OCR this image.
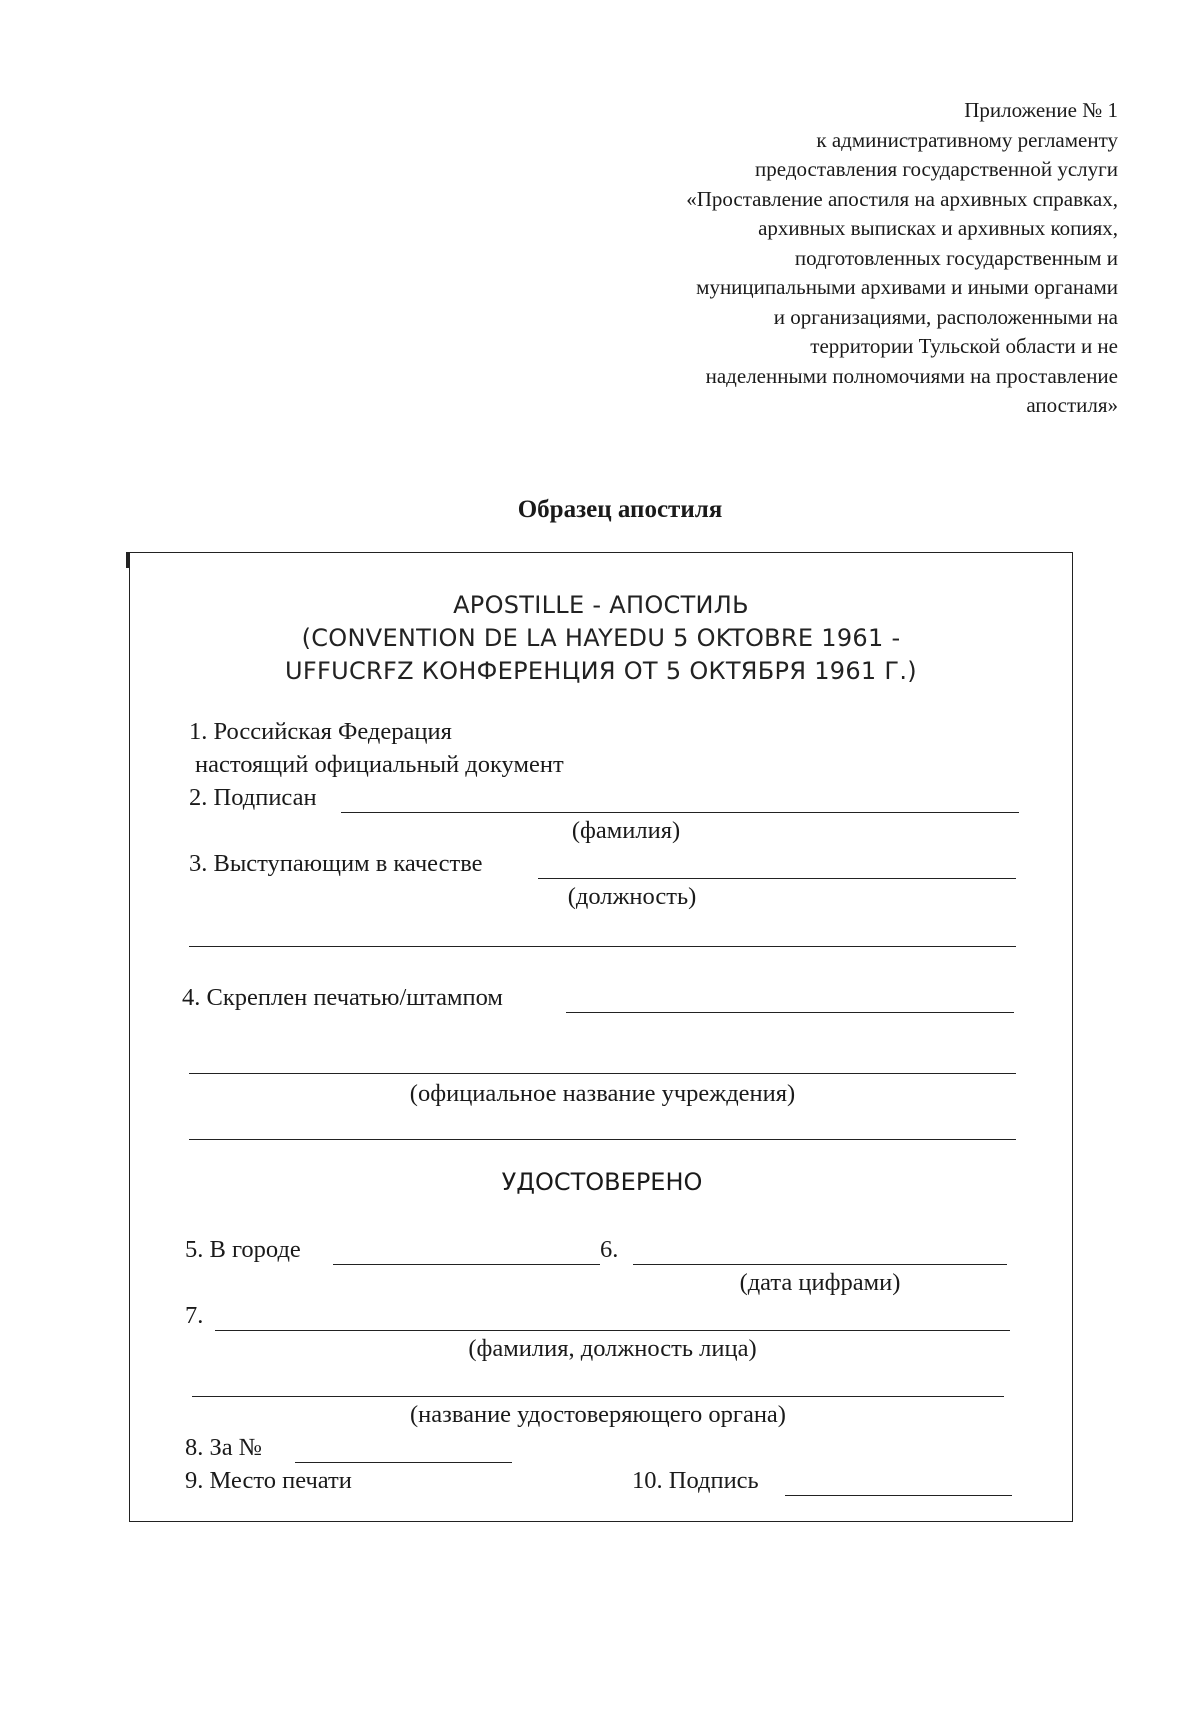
Приложение № 1
к административному регламенту
предоставления государственной услуги
«Проставление апостиля на архивных справках,
архивных выписках и архивных копиях,
подготовленных государственным и
муниципальными архивами и иными органами
и организациями, расположенными на
территории Тульской области и не
наделенными полномочиями на проставление
апостиля»
Образец апостиля
APOSTILLE - АПОСТИЛЬ
(CONVENTION DE LA HAYEDU 5 OKTOBRE 1961 -
UFFUCRFZ КОНФЕРЕНЦИЯ ОТ 5 ОКТЯБРЯ 1961 Г.)
1. Российская Федерация
настоящий официальный документ
2. Подписан
(фамилия)
3. Выступающим в качестве
(должность)
4. Скреплен печатью/штампом
(официальное название учреждения)
УДОСТОВЕРЕНО
5. В городе	6.
(дата цифрами)
7.
(фамилия, должность лица)
(название удостоверяющего органа)
8. За №
9. Место печати	10. Подпись
